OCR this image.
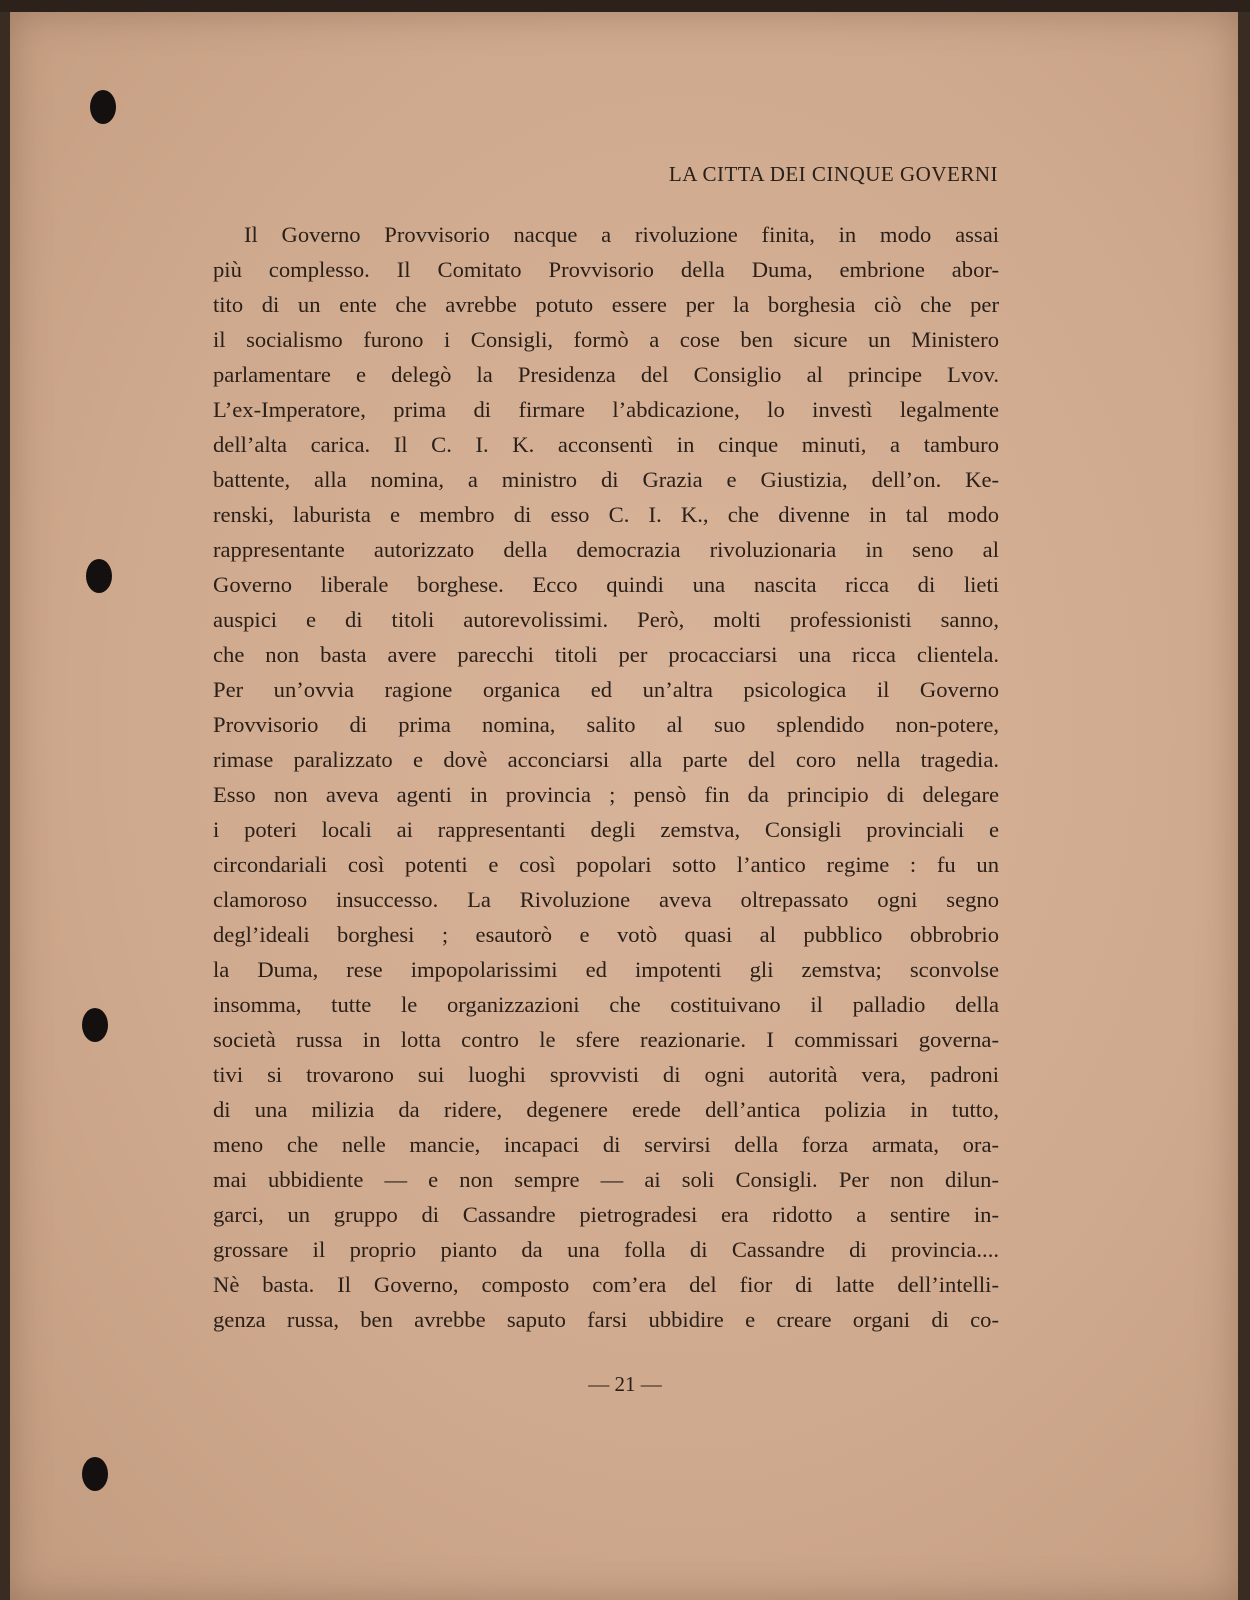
LA CITTA DEI CINQUE GOVERNI
Il Governo Provvisorio nacque a rivoluzione finita, in modo assai
più complesso. Il Comitato Provvisorio della Duma, embrione abor-
tito di un ente che avrebbe potuto essere per la borghesia ciò che per
il socialismo furono i Consigli, formò a cose ben sicure un Ministero
parlamentare e delegò la Presidenza del Consiglio al principe Lvov.
L’ex-Imperatore, prima di firmare l’abdicazione, lo investì legalmente
dell’alta carica. Il C. I. K. acconsentì in cinque minuti, a tamburo
battente, alla nomina, a ministro di Grazia e Giustizia, dell’on. Ke-
renski, laburista e membro di esso C. I. K., che divenne in tal modo
rappresentante autorizzato della democrazia rivoluzionaria in seno al
Governo liberale borghese. Ecco quindi una nascita ricca di lieti
auspici e di titoli autorevolissimi. Però, molti professionisti sanno,
che non basta avere parecchi titoli per procacciarsi una ricca clientela.
Per un’ovvia ragione organica ed un’altra psicologica il Governo
Provvisorio di prima nomina, salito al suo splendido non-potere,
rimase paralizzato e dovè acconciarsi alla parte del coro nella tragedia.
Esso non aveva agenti in provincia ; pensò fin da principio di delegare
i poteri locali ai rappresentanti degli zemstva, Consigli provinciali e
circondariali così potenti e così popolari sotto l’antico regime : fu un
clamoroso insuccesso. La Rivoluzione aveva oltrepassato ogni segno
degl’ideali borghesi ; esautorò e votò quasi al pubblico obbrobrio
la Duma, rese impopolarissimi ed impotenti gli zemstva; sconvolse
insomma, tutte le organizzazioni che costituivano il palladio della
società russa in lotta contro le sfere reazionarie. I commissari governa-
tivi si trovarono sui luoghi sprovvisti di ogni autorità vera, padroni
di una milizia da ridere, degenere erede dell’antica polizia in tutto,
meno che nelle mancie, incapaci di servirsi della forza armata, ora-
mai ubbidiente — e non sempre — ai soli Consigli. Per non dilun-
garci, un gruppo di Cassandre pietrogradesi era ridotto a sentire in-
grossare il proprio pianto da una folla di Cassandre di provincia....
Nè basta. Il Governo, composto com’era del fior di latte dell’intelli-
genza russa, ben avrebbe saputo farsi ubbidire e creare organi di co-
— 21 —
